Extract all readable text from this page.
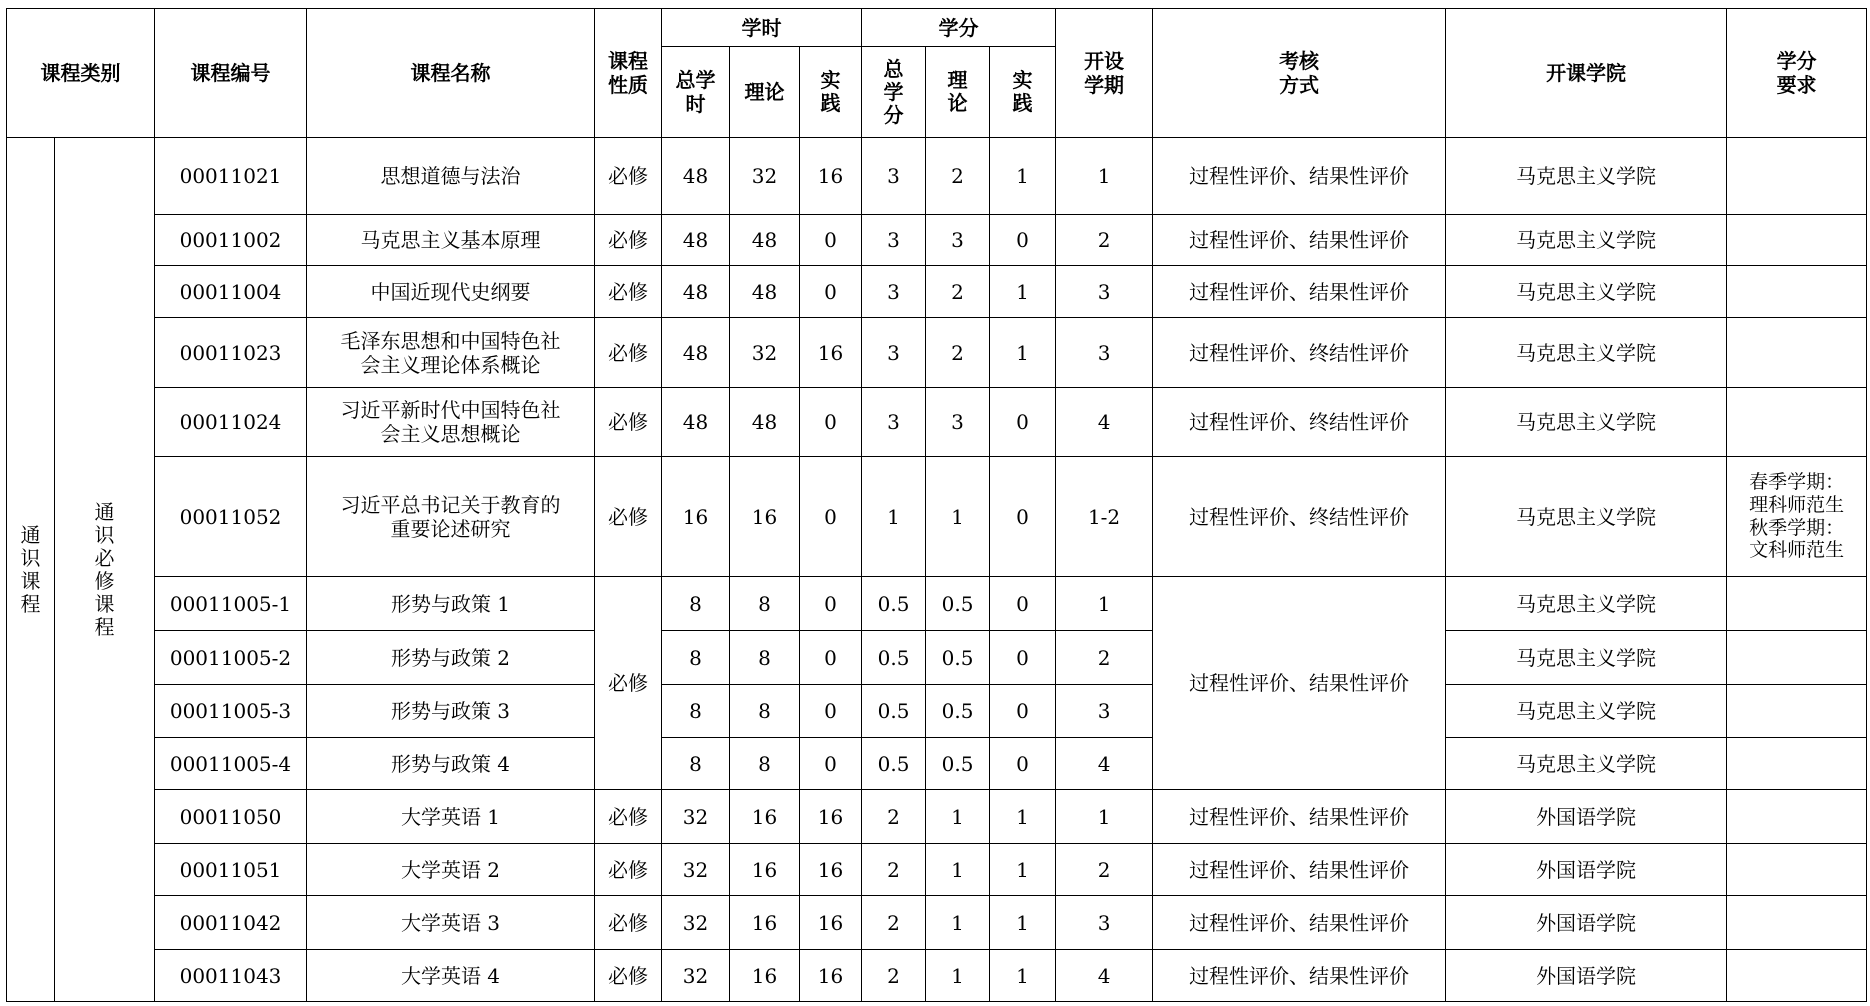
课程类别		课程编号	课程名称	课程性质	学时			学分			开设学期	考核方式	开课学院	学分要求
					总学时	理论	实践	总学分	理论	实践				
通识课程	通识必修课程	00011021	思想道德与法治	必修	48	32	16	3	2	1	1	过程性评价、结果性评价	马克思主义学院	
		00011002	马克思主义基本原理	必修	48	48	0	3	3	0	2	过程性评价、结果性评价	马克思主义学院	
		00011004	中国近现代史纲要	必修	48	48	0	3	2	1	3	过程性评价、结果性评价	马克思主义学院	
		00011023	毛泽东思想和中国特色社会主义理论体系概论	必修	48	32	16	3	2	1	3	过程性评价、终结性评价	马克思主义学院	
		00011024	习近平新时代中国特色社会主义思想概论	必修	48	48	0	3	3	0	4	过程性评价、终结性评价	马克思主义学院	
		00011052	习近平总书记关于教育的重要论述研究	必修	16	16	0	1	1	0	1-2	过程性评价、终结性评价	马克思主义学院	春季学期：理科师范生 秋季学期：文科师范生
		00011005-1	形势与政策 1	必修	8	8	0	0.5	0.5	0	1	过程性评价、结果性评价	马克思主义学院	
		00011005-2	形势与政策 2		8	8	0	0.5	0.5	0	2		马克思主义学院	
		00011005-3	形势与政策 3		8	8	0	0.5	0.5	0	3		马克思主义学院	
		00011005-4	形势与政策 4		8	8	0	0.5	0.5	0	4		马克思主义学院	
		00011050	大学英语 1	必修	32	16	16	2	1	1	1	过程性评价、结果性评价	外国语学院	
		00011051	大学英语 2	必修	32	16	16	2	1	1	2	过程性评价、结果性评价	外国语学院	
		00011042	大学英语 3	必修	32	16	16	2	1	1	3	过程性评价、结果性评价	外国语学院	
		00011043	大学英语 4	必修	32	16	16	2	1	1	4	过程性评价、结果性评价	外国语学院	
